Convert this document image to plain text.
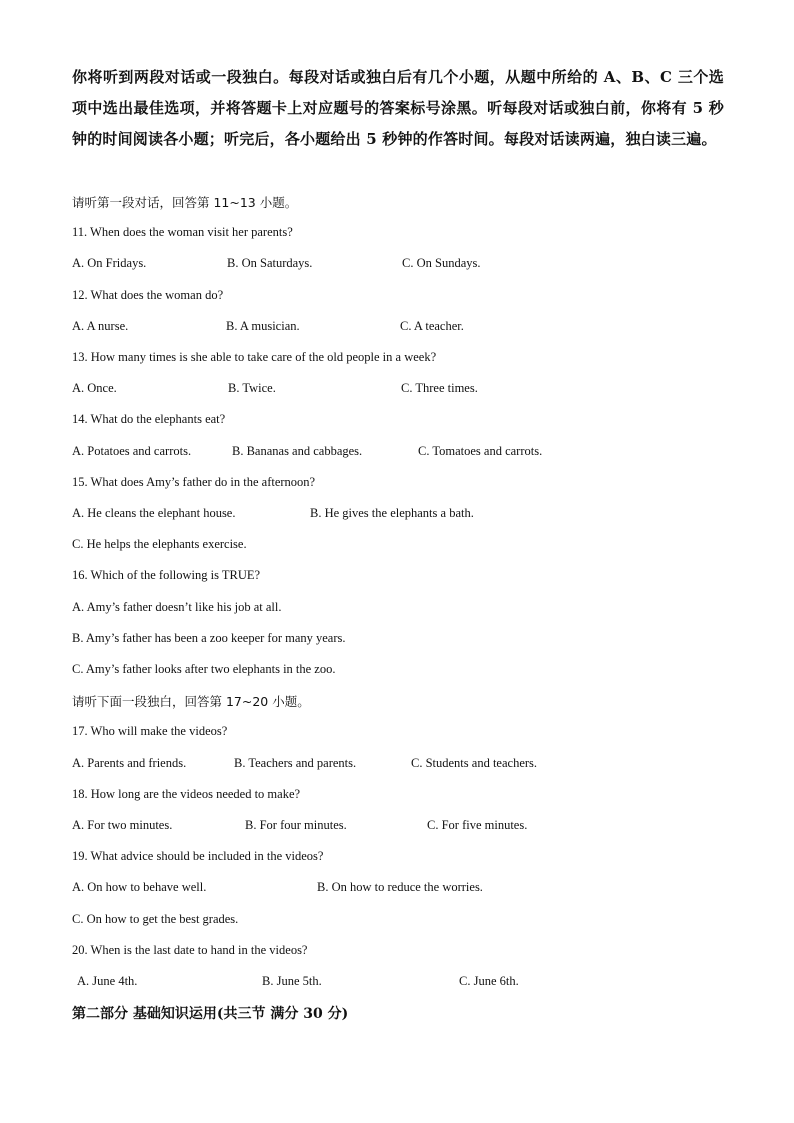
你将听到两段对话或一段独白。每段对话或独白后有几个小题，从题中所给的 A、B、C 三个选项中选出最佳选项，并将答题卡上对应题号的答案标号涂黑。听每段对话或独白前，你将有 5 秒钟的时间阅读各小题；听完后，各小题给出 5 秒钟的作答时间。每段对话读两遍，独白读三遍。
请听第一段对话，回答第 11~13 小题。
11. When does the woman visit her parents?
A. On Fridays.	B. On Saturdays.	C. On Sundays.
12. What does the woman do?
A. A nurse.	B. A musician.	C. A teacher.
13. How many times is she able to take care of the old people in a week?
A. Once.	B. Twice.	C. Three times.
14. What do the elephants eat?
A. Potatoes and carrots.	B. Bananas and cabbages.	C. Tomatoes and carrots.
15. What does Amy’s father do in the afternoon?
A. He cleans the elephant house.	B. He gives the elephants a bath.
C. He helps the elephants exercise.
16. Which of the following is TRUE?
A. Amy’s father doesn’t like his job at all.
B. Amy’s father has been a zoo keeper for many years.
C. Amy’s father looks after two elephants in the zoo.
请听下面一段独白，回答第 17~20 小题。
17. Who will make the videos?
A. Parents and friends.	B. Teachers and parents.	C. Students and teachers.
18. How long are the videos needed to make?
A. For two minutes.	B. For four minutes.	C. For five minutes.
19. What advice should be included in the videos?
A. On how to behave well.	B. On how to reduce the worries.
C. On how to get the best grades.
20. When is the last date to hand in the videos?
A. June 4th.	B. June 5th.	C. June 6th.
第二部分 基础知识运用(共三节 满分 30 分)
